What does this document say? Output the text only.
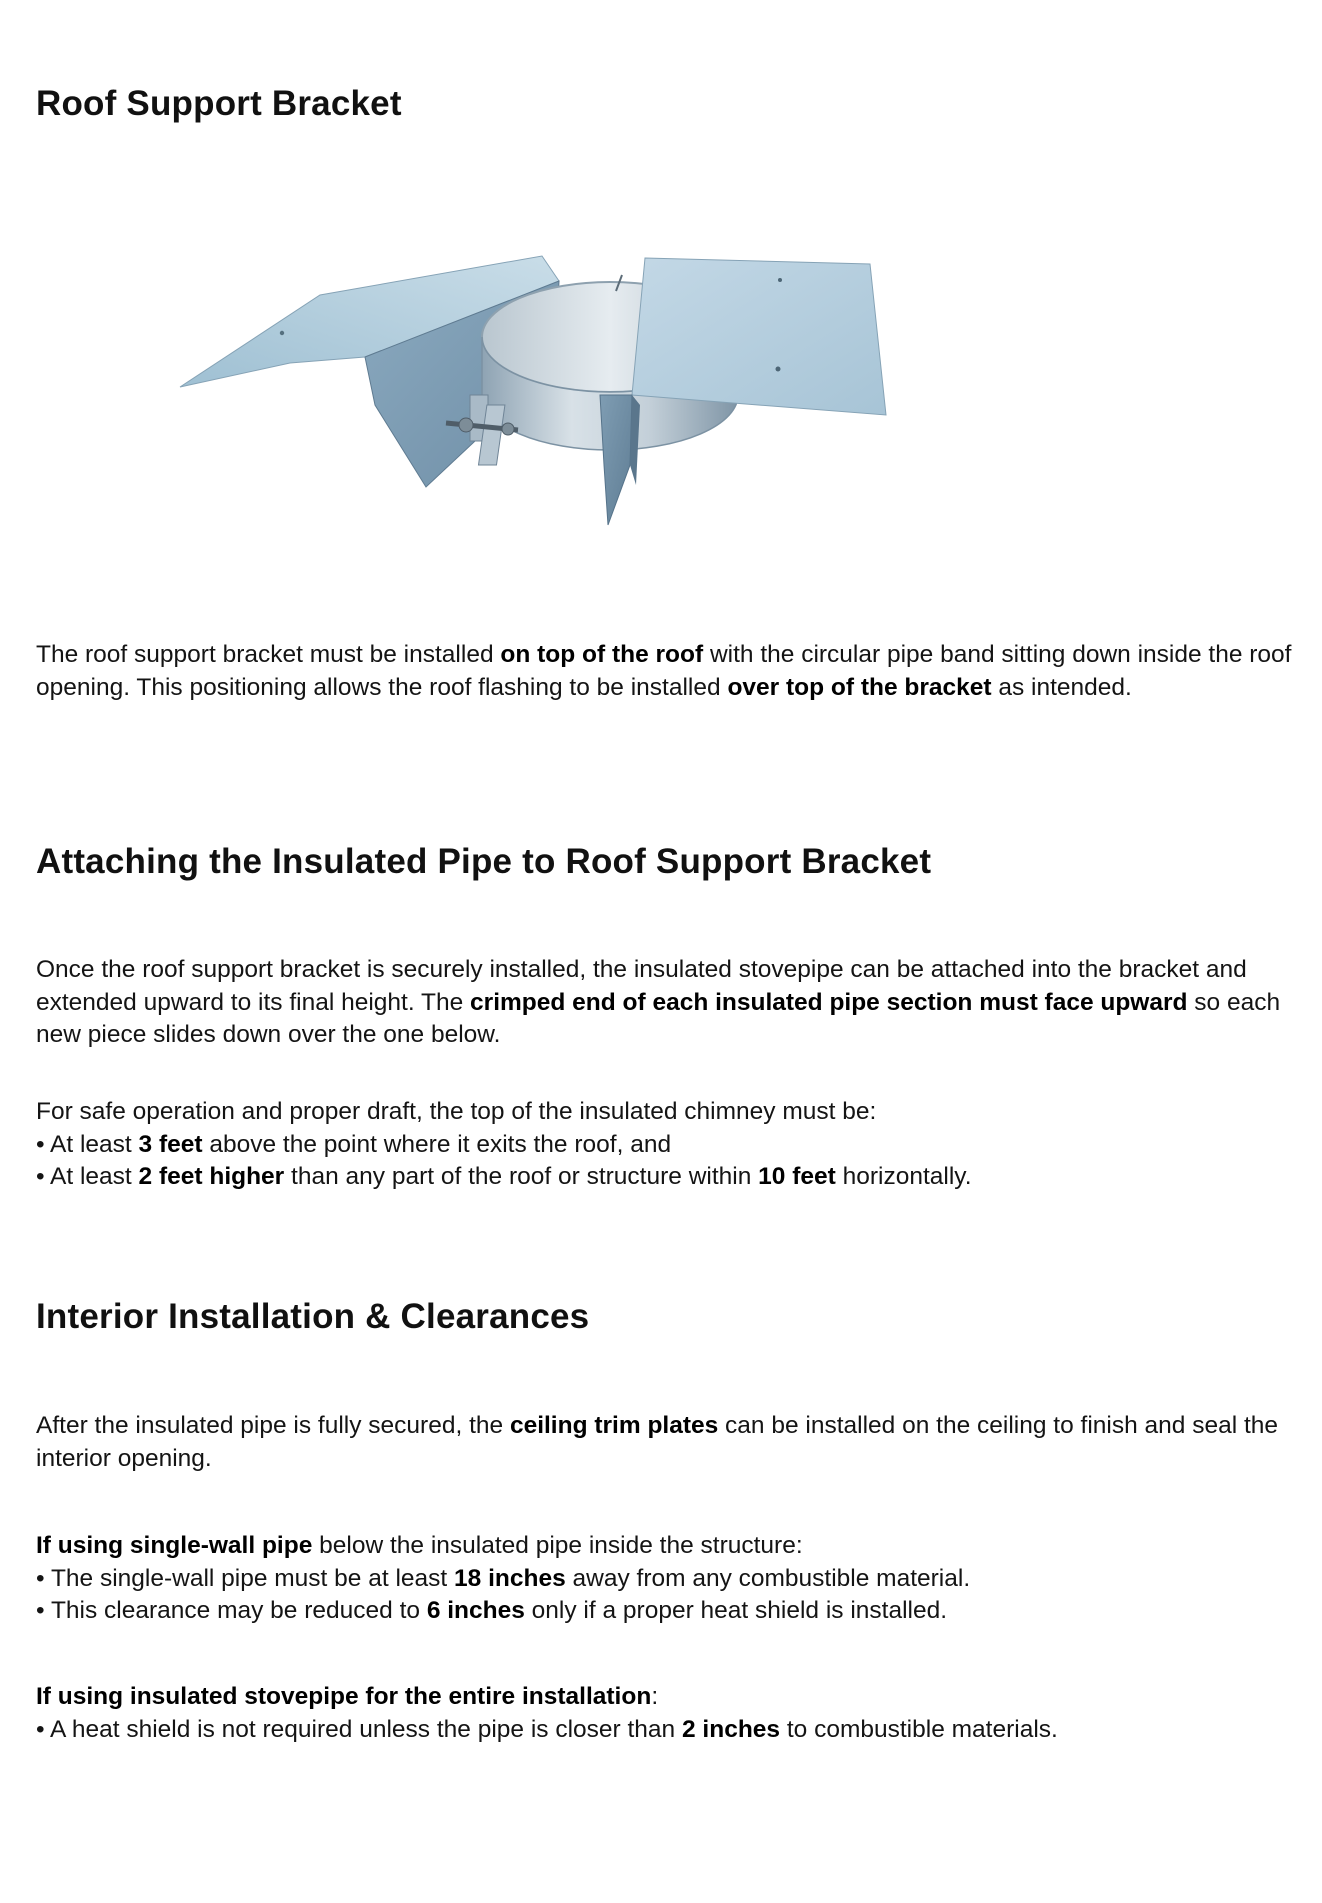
Roof Support Bracket

The roof support bracket must be installed on top of the roof with the circular pipe band sitting down inside the roof opening. This positioning allows the roof flashing to be installed over top of the bracket as intended.

Attaching the Insulated Pipe to Roof Support Bracket

Once the roof support bracket is securely installed, the insulated stovepipe can be attached into the bracket and extended upward to its final height. The crimped end of each insulated pipe section must face upward so each new piece slides down over the one below.

For safe operation and proper draft, the top of the insulated chimney must be:
• At least 3 feet above the point where it exits the roof, and
• At least 2 feet higher than any part of the roof or structure within 10 feet horizontally.

Interior Installation & Clearances

After the insulated pipe is fully secured, the ceiling trim plates can be installed on the ceiling to finish and seal the interior opening.

If using single-wall pipe below the insulated pipe inside the structure:
• The single-wall pipe must be at least 18 inches away from any combustible material.
• This clearance may be reduced to 6 inches only if a proper heat shield is installed.

If using insulated stovepipe for the entire installation:
• A heat shield is not required unless the pipe is closer than 2 inches to combustible materials.
